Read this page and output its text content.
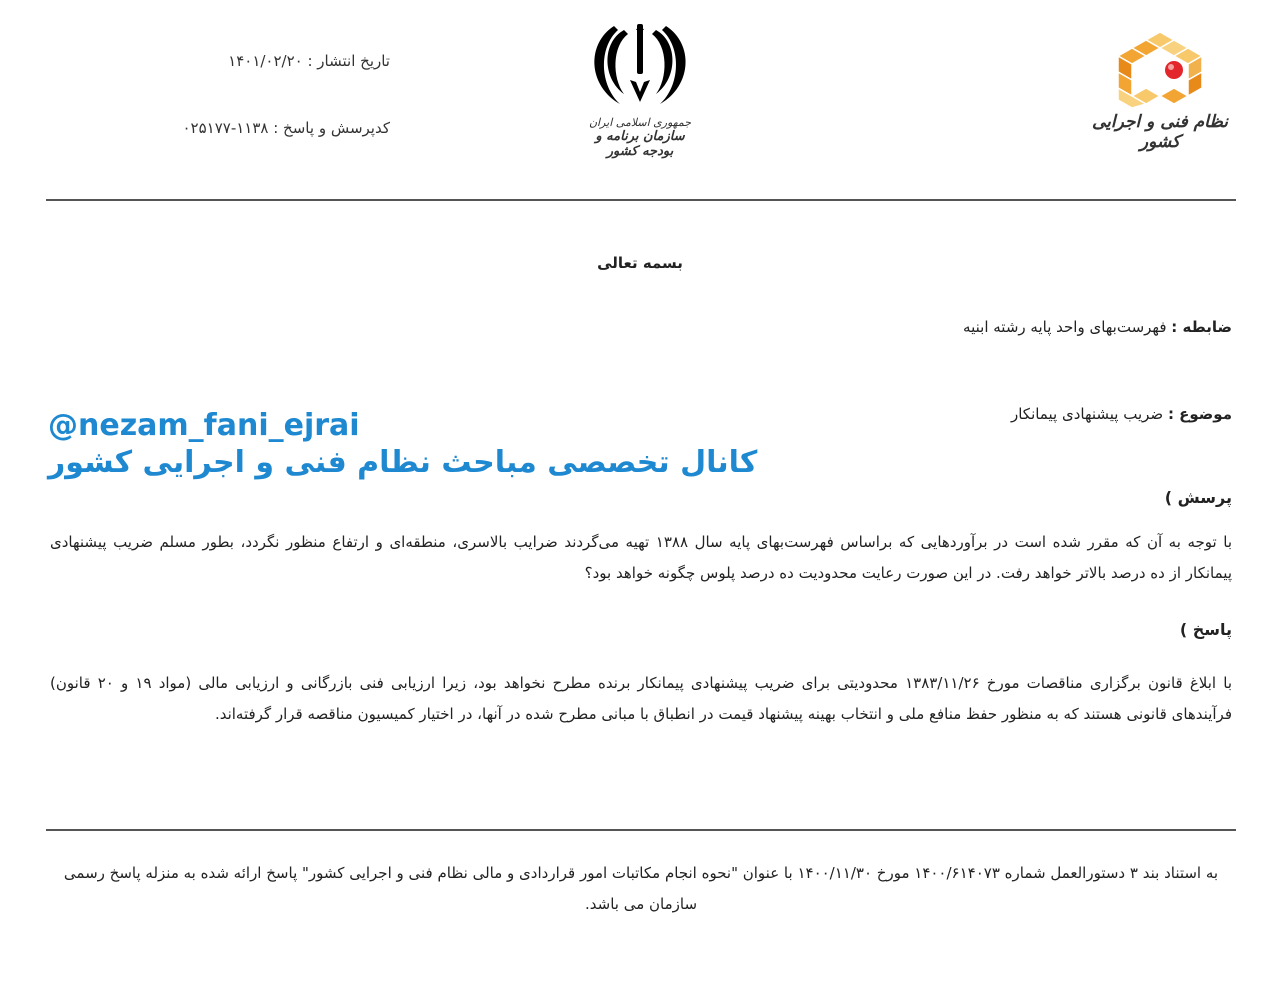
تاریخ انتشار : ۱۴۰۱/۰۲/۲۰
کدپرسش و پاسخ : ۱۱۳۸-۰۲۵۱۷۷	جمهوری اسلامی ایران
سازمان برنامه و بودجه کشور
نظام فنی و اجرایی کشور
بسمه تعالی
ضابطه : فهرست‌بهای واحد پایه رشته ابنیه
موضوع : ضریب پیشنهادی پیمانکار
@nezam_fani_ejrai
کانال تخصصی مباحث نظام فنی و اجرایی کشور
پرسش )
با توجه به آن که مقرر شده است در برآوردهایی که براساس فهرست‌بهای پایه سال ۱۳۸۸ تهیه می‌گردند ضرایب بالاسری، منطقه‌ای و ارتفاع منظور نگردد، بطور مسلم ضریب پیشنهادی پیمانکار از ده درصد بالاتر خواهد رفت. در این صورت رعایت محدودیت ده درصد پلوس چگونه خواهد بود؟
پاسخ )
با ابلاغ قانون برگزاری مناقصات مورخ ۱۳۸۳/۱۱/۲۶ محدودیتی برای ضریب پیشنهادی پیمانکار برنده مطرح نخواهد بود، زیرا ارزیابی فنی بازرگانی و ارزیابی مالی (مواد ۱۹ و ۲۰ قانون) فرآیندهای قانونی هستند که به منظور حفظ منافع ملی و انتخاب بهینه پیشنهاد قیمت در انطباق با مبانی مطرح شده در آنها، در اختیار کمیسیون مناقصه قرار گرفته‌اند.
به استناد بند ۳ دستورالعمل شماره ۱۴۰۰/۶۱۴۰۷۳ مورخ ۱۴۰۰/۱۱/۳۰ با عنوان "نحوه انجام مکاتبات امور قراردادی و مالی نظام فنی و اجرایی کشور" پاسخ ارائه شده به منزله پاسخ رسمی سازمان می باشد.
